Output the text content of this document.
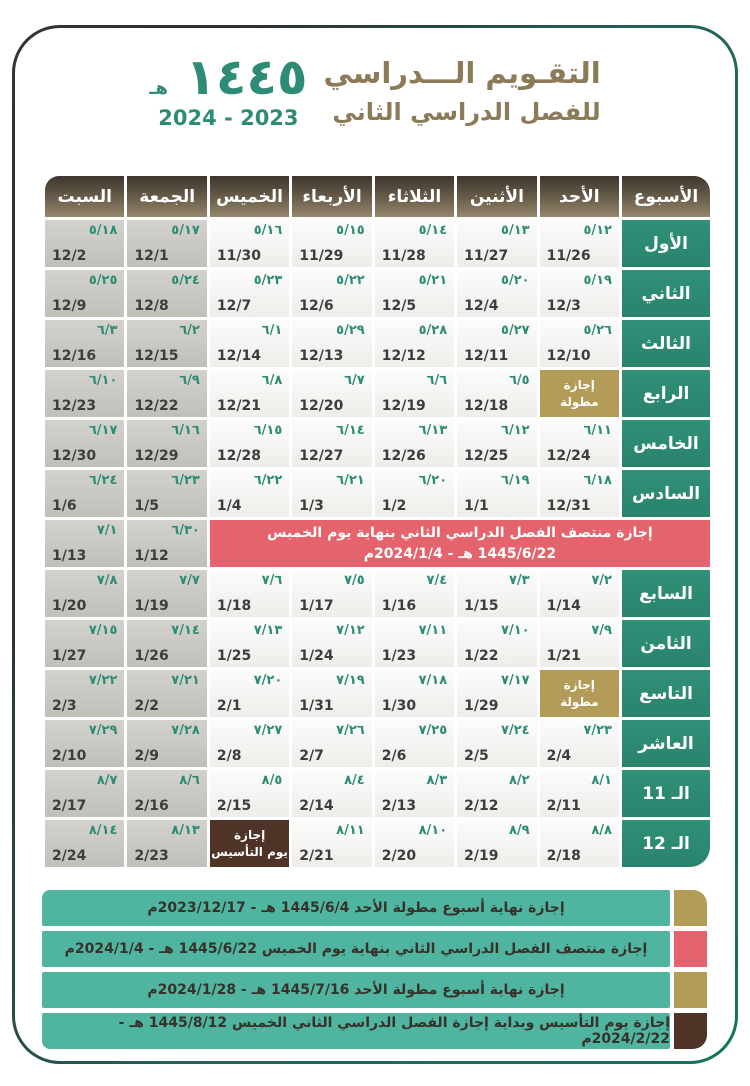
التقـويم الـــدراسي
للفصل الدراسي الثاني
١٤٤٥ هـ
2024 - 2023
الأسبوع
الأحد
الأثنين
الثلاثاء
الأربعاء
الخميس
الجمعة
السبت
الأول
٥/١٢
11/26
٥/١٣
11/27
٥/١٤
11/28
٥/١٥
11/29
٥/١٦
11/30
٥/١٧
12/1
٥/١٨
12/2
الثاني
٥/١٩
12/3
٥/٢٠
12/4
٥/٢١
12/5
٥/٢٢
12/6
٥/٢٣
12/7
٥/٢٤
12/8
٥/٢٥
12/9
الثالث
٥/٢٦
12/10
٥/٢٧
12/11
٥/٢٨
12/12
٥/٢٩
12/13
٦/١
12/14
٦/٢
12/15
٦/٣
12/16
الرابع
إجازة
مطولة
٦/٥
12/18
٦/٦
12/19
٦/٧
12/20
٦/٨
12/21
٦/٩
12/22
٦/١٠
12/23
الخامس
٦/١١
12/24
٦/١٢
12/25
٦/١٣
12/26
٦/١٤
12/27
٦/١٥
12/28
٦/١٦
12/29
٦/١٧
12/30
السادس
٦/١٨
12/31
٦/١٩
1/1
٦/٢٠
1/2
٦/٢١
1/3
٦/٢٢
1/4
٦/٢٣
1/5
٦/٢٤
1/6
إجازة منتصف الفصل الدراسي الثاني بنهاية يوم الخميس
1445/6/22 هـ - 2024/1/4م
٦/٣٠
1/12
٧/١
1/13
السابع
٧/٢
1/14
٧/٣
1/15
٧/٤
1/16
٧/٥
1/17
٧/٦
1/18
٧/٧
1/19
٧/٨
1/20
الثامن
٧/٩
1/21
٧/١٠
1/22
٧/١١
1/23
٧/١٢
1/24
٧/١٣
1/25
٧/١٤
1/26
٧/١٥
1/27
التاسع
إجازة
مطولة
٧/١٧
1/29
٧/١٨
1/30
٧/١٩
1/31
٧/٢٠
2/1
٧/٢١
2/2
٧/٢٢
2/3
العاشر
٧/٢٣
2/4
٧/٢٤
2/5
٧/٢٥
2/6
٧/٢٦
2/7
٧/٢٧
2/8
٧/٢٨
2/9
٧/٢٩
2/10
الـ 11
٨/١
2/11
٨/٢
2/12
٨/٣
2/13
٨/٤
2/14
٨/٥
2/15
٨/٦
2/16
٨/٧
2/17
الـ 12
٨/٨
2/18
٨/٩
2/19
٨/١٠
2/20
٨/١١
2/21
إجازة
يوم التأسيس
٨/١٣
2/23
٨/١٤
2/24
إجازة نهاية أسبوع مطولة الأحد 1445/6/4 هـ - 2023/12/17م
إجازة منتصف الفصل الدراسي الثاني بنهاية يوم الخميس 1445/6/22 هـ - 2024/1/4م
إجازة نهاية أسبوع مطولة الأحد 1445/7/16 هـ - 2024/1/28م
إجازة يوم التأسيس وبداية إجازة الفصل الدراسي الثاني الخميس 1445/8/12 هـ - 2024/2/22م
